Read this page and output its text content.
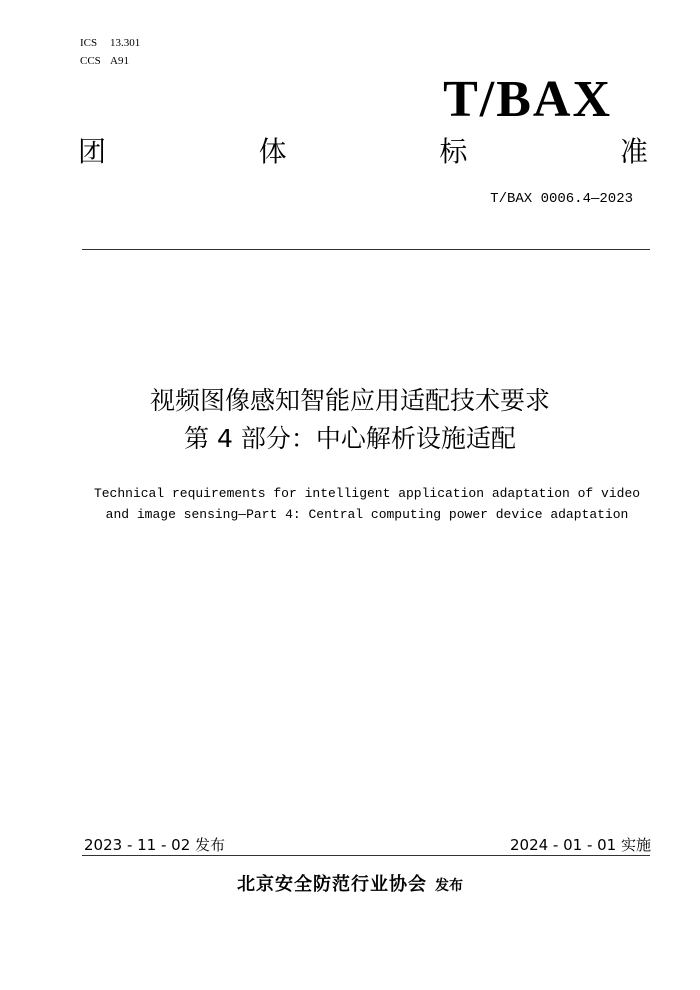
ICS 13.301
CCS A91
T/BAX
团	体	标	准
T/BAX 0006.4—2023
视频图像感知智能应用适配技术要求
第 4 部分：中心解析设施适配
Technical requirements for intelligent application adaptation of video
and image sensing—Part 4: Central computing power device adaptation
2023 - 11 - 02 发布	2024 - 01 - 01 实施
北京安全防范行业协会 发布
